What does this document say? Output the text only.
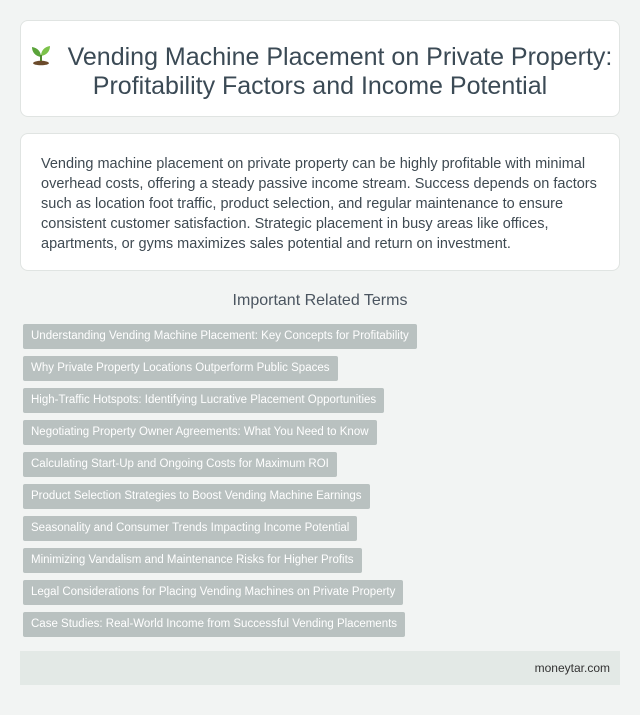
Vending Machine Placement on Private Property: Profitability Factors and Income Potential

Vending machine placement on private property can be highly profitable with minimal overhead costs, offering a steady passive income stream. Success depends on factors such as location foot traffic, product selection, and regular maintenance to ensure consistent customer satisfaction. Strategic placement in busy areas like offices, apartments, or gyms maximizes sales potential and return on investment.

Important Related Terms
Understanding Vending Machine Placement: Key Concepts for Profitability
Why Private Property Locations Outperform Public Spaces
High-Traffic Hotspots: Identifying Lucrative Placement Opportunities
Negotiating Property Owner Agreements: What You Need to Know
Calculating Start-Up and Ongoing Costs for Maximum ROI
Product Selection Strategies to Boost Vending Machine Earnings
Seasonality and Consumer Trends Impacting Income Potential
Minimizing Vandalism and Maintenance Risks for Higher Profits
Legal Considerations for Placing Vending Machines on Private Property
Case Studies: Real-World Income from Successful Vending Placements
moneytar.com
